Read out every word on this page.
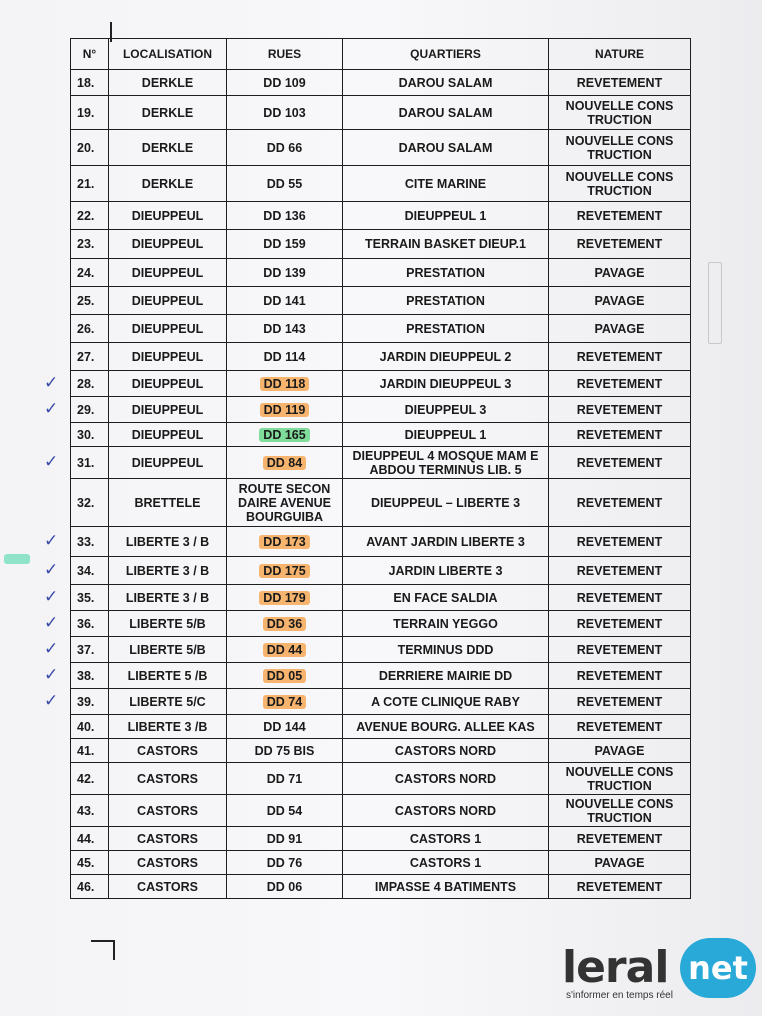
✓
✓
✓
✓
✓
✓
✓
✓
✓
✓
N°	LOCALISATION	RUES	QUARTIERS	NATURE
18.	DERKLE	DD 109	DAROU SALAM	REVETEMENT
19.	DERKLE	DD 103	DAROU SALAM	NOUVELLE CONS TRUCTION
20.	DERKLE	DD 66	DAROU SALAM	NOUVELLE CONS TRUCTION
21.	DERKLE	DD 55	CITE MARINE	NOUVELLE CONS TRUCTION
22.	DIEUPPEUL	DD 136	DIEUPPEUL 1	REVETEMENT
23.	DIEUPPEUL	DD 159	TERRAIN BASKET DIEUP.1	REVETEMENT
24.	DIEUPPEUL	DD 139	PRESTATION	PAVAGE
25.	DIEUPPEUL	DD 141	PRESTATION	PAVAGE
26.	DIEUPPEUL	DD 143	PRESTATION	PAVAGE
27.	DIEUPPEUL	DD 114	JARDIN DIEUPPEUL 2	REVETEMENT
28.	DIEUPPEUL	DD 118	JARDIN DIEUPPEUL 3	REVETEMENT
29.	DIEUPPEUL	DD 119	DIEUPPEUL 3	REVETEMENT
30.	DIEUPPEUL	DD 165	DIEUPPEUL 1	REVETEMENT
31.	DIEUPPEUL	DD 84	DIEUPPEUL 4 MOSQUE MAM E ABDOU TERMINUS LIB. 5	REVETEMENT
32.	BRETTELE	ROUTE SECON DAIRE AVENUE BOURGUIBA	DIEUPPEUL – LIBERTE 3	REVETEMENT
33.	LIBERTE 3 / B	DD 173	AVANT JARDIN LIBERTE 3	REVETEMENT
34.	LIBERTE 3 / B	DD 175	JARDIN LIBERTE 3	REVETEMENT
35.	LIBERTE 3 / B	DD 179	EN FACE SALDIA	REVETEMENT
36.	LIBERTE 5/B	DD 36	TERRAIN YEGGO	REVETEMENT
37.	LIBERTE 5/B	DD 44	TERMINUS DDD	REVETEMENT
38.	LIBERTE 5 /B	DD 05	DERRIERE MAIRIE DD	REVETEMENT
39.	LIBERTE 5/C	DD 74	A COTE CLINIQUE RABY	REVETEMENT
40.	LIBERTE 3 /B	DD 144	AVENUE BOURG. ALLEE KAS	REVETEMENT
41.	CASTORS	DD 75 BIS	CASTORS NORD	PAVAGE
42.	CASTORS	DD 71	CASTORS NORD	NOUVELLE CONS TRUCTION
43.	CASTORS	DD 54	CASTORS NORD	NOUVELLE CONS TRUCTION
44.	CASTORS	DD 91	CASTORS 1	REVETEMENT
45.	CASTORS	DD 76	CASTORS 1	PAVAGE
46.	CASTORS	DD 06	IMPASSE 4 BATIMENTS	REVETEMENT
leral net
s'informer en temps réel
